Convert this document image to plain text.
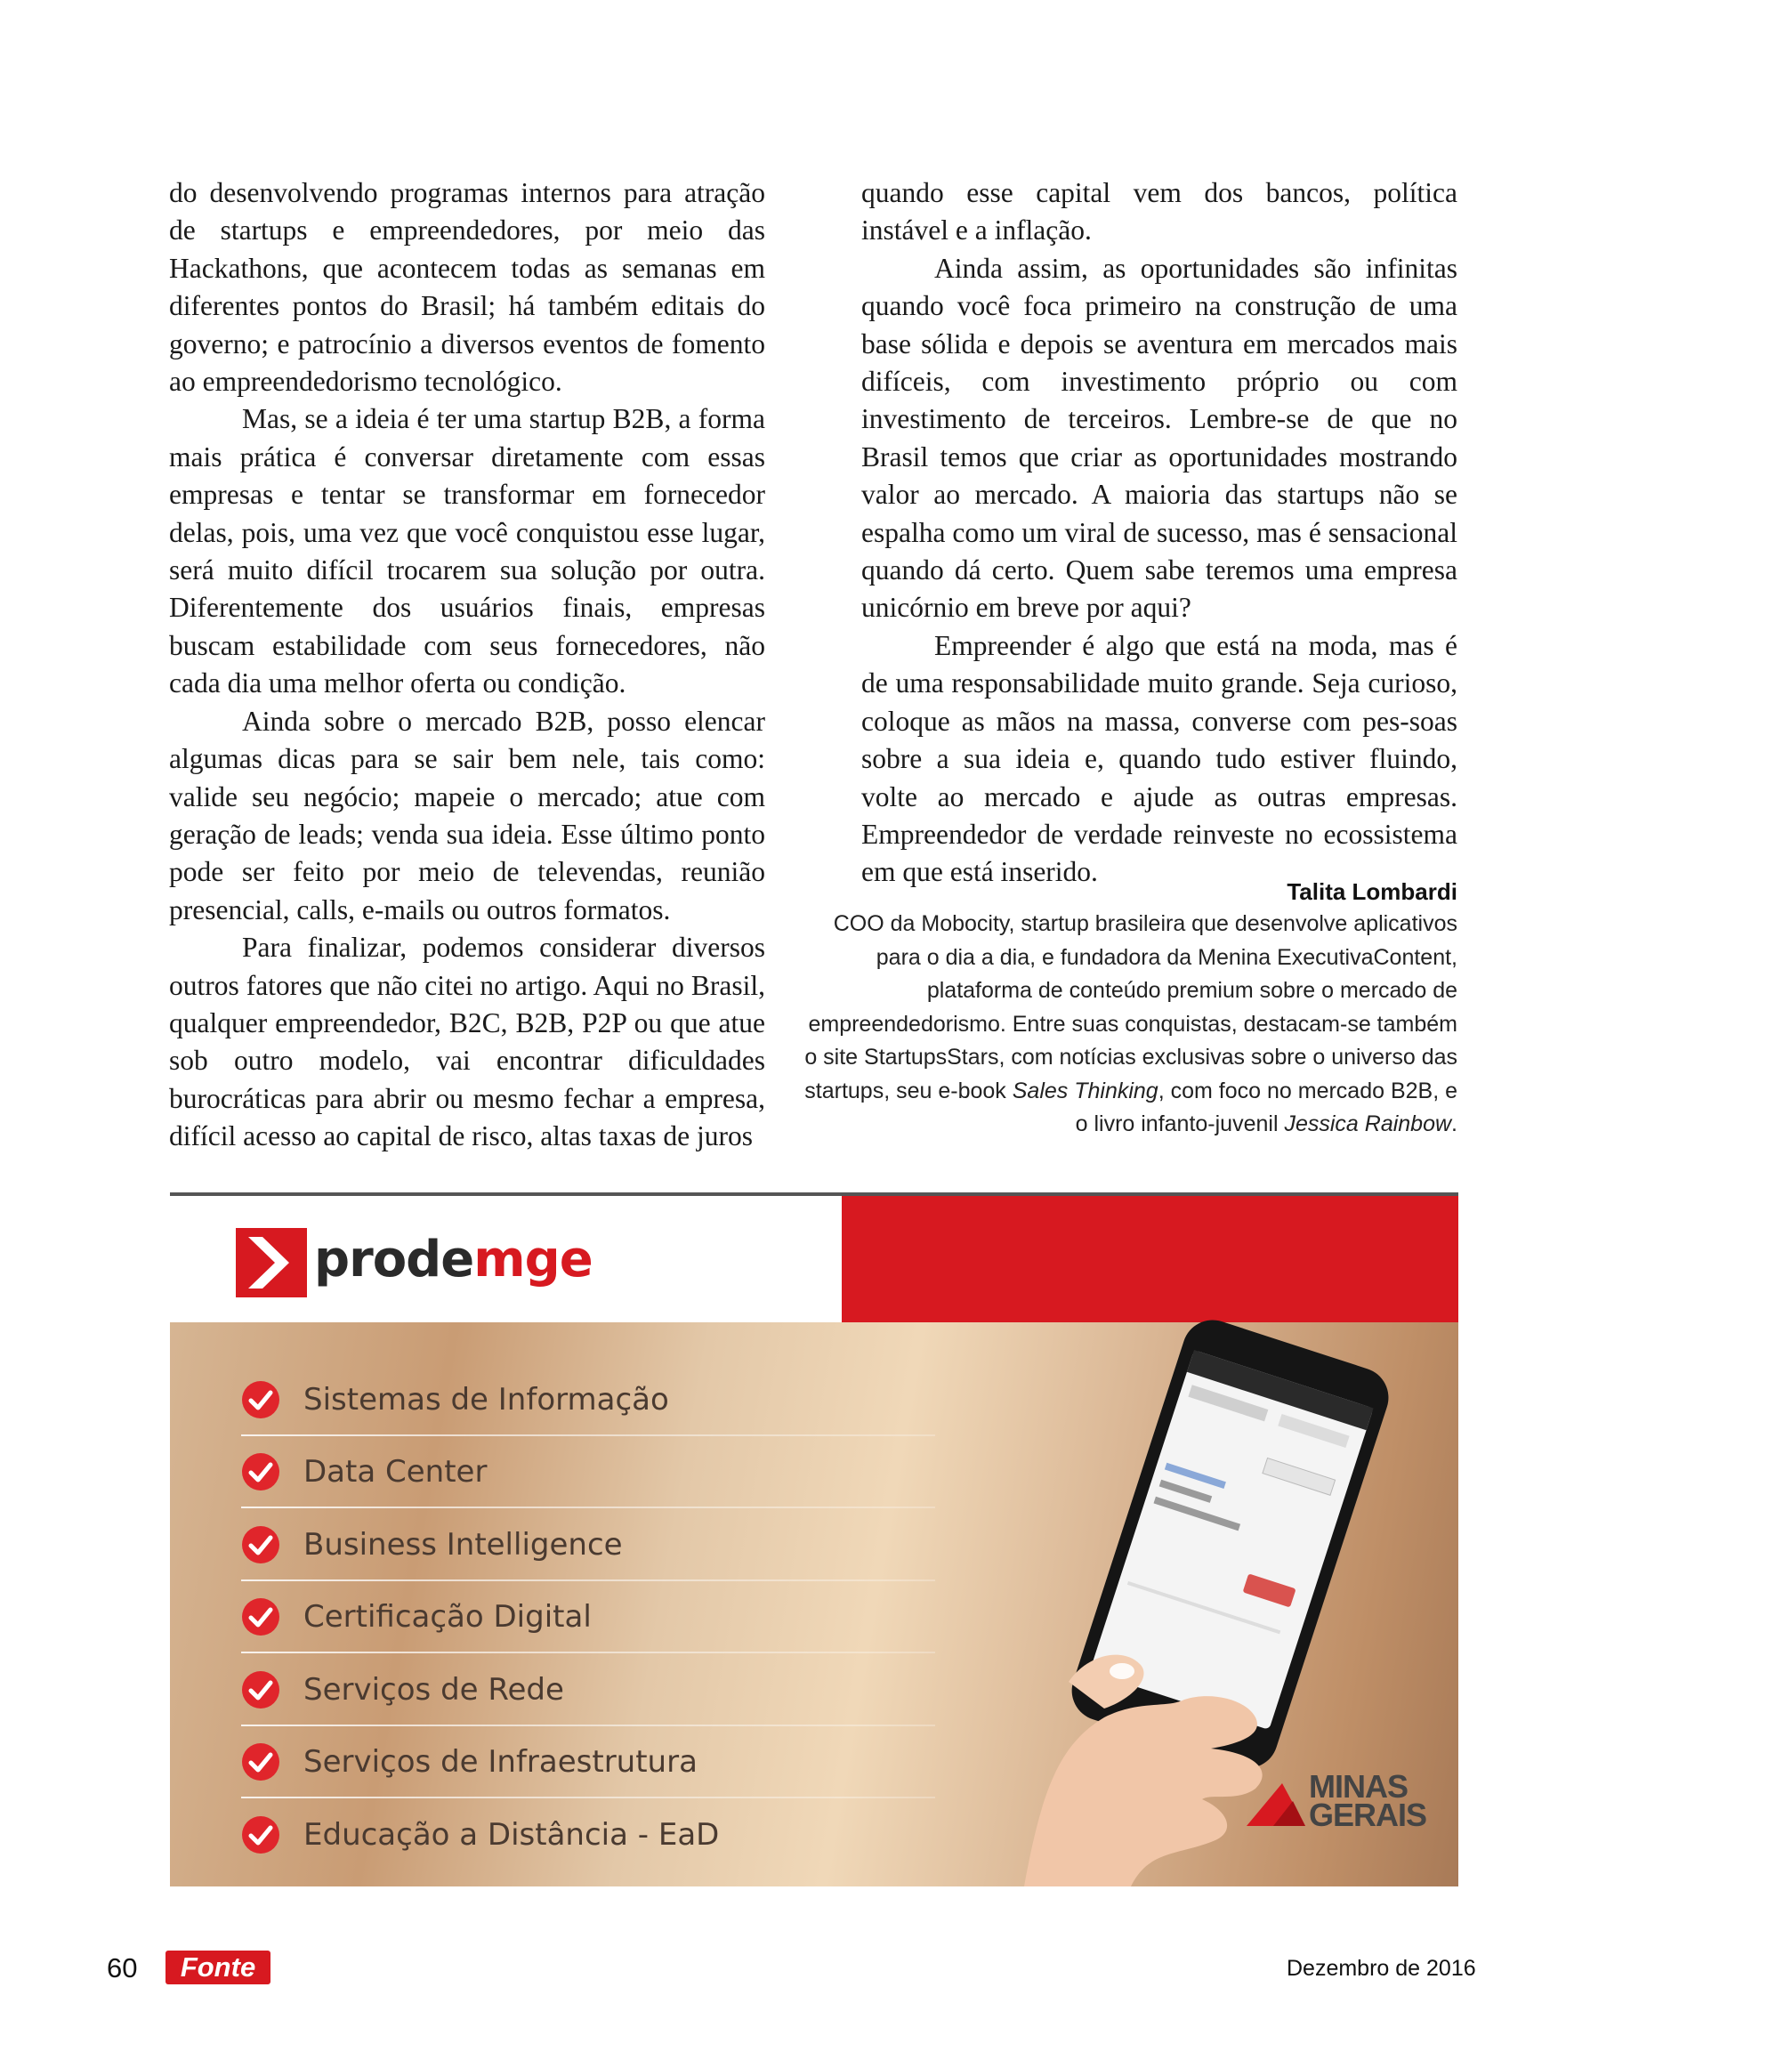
do desenvolvendo programas internos para atração de startups e empreendedores, por meio das Hackathons, que acontecem todas as semanas em diferentes pontos do Brasil; há também editais do governo; e patrocínio a diversos eventos de fomento ao empreendedorismo tecnológico.

Mas, se a ideia é ter uma startup B2B, a forma mais prática é conversar diretamente com essas empresas e tentar se transformar em fornecedor delas, pois, uma vez que você conquistou esse lugar, será muito difícil trocarem sua solução por outra. Diferentemente dos usuários finais, empresas buscam estabilidade com seus fornecedores, não cada dia uma melhor oferta ou condição.

Ainda sobre o mercado B2B, posso elencar algumas dicas para se sair bem nele, tais como: valide seu negócio; mapeie o mercado; atue com geração de leads; venda sua ideia. Esse último ponto pode ser feito por meio de televendas, reunião presencial, calls, e-mails ou outros formatos.

Para finalizar, podemos considerar diversos outros fatores que não citei no artigo. Aqui no Brasil, qualquer empreendedor, B2C, B2B, P2P ou que atue sob outro modelo, vai encontrar dificuldades burocráticas para abrir ou mesmo fechar a empresa, difícil acesso ao capital de risco, altas taxas de juros

quando esse capital vem dos bancos, política instável e a inflação.

Ainda assim, as oportunidades são infinitas quando você foca primeiro na construção de uma base sólida e depois se aventura em mercados mais difíceis, com investimento próprio ou com investimento de terceiros. Lembre-se de que no Brasil temos que criar as oportunidades mostrando valor ao mercado. A maioria das startups não se espalha como um viral de sucesso, mas é sensacional quando dá certo. Quem sabe teremos uma empresa unicórnio em breve por aqui?

Empreender é algo que está na moda, mas é de uma responsabilidade muito grande. Seja curioso, coloque as mãos na massa, converse com pes-soas sobre a sua ideia e, quando tudo estiver fluindo, volte ao mercado e ajude as outras empresas. Empreendedor de verdade reinveste no ecossistema em que está inserido.

Talita Lombardi

COO da Mobocity, startup brasileira que desenvolve aplicativos para o dia a dia, e fundadora da Menina ExecutivaContent, plataforma de conteúdo premium sobre o mercado de empreendedorismo. Entre suas conquistas, destacam-se também o site StartupsStars, com notícias exclusivas sobre o universo das startups, seu e-book Sales Thinking, com foco no mercado B2B, e o livro infanto-juvenil Jessica Rainbow.

prodemge	TECNOLOGIA A SERVIÇO
DA CIDADANIA
Sistemas de Informação
Data Center
Business Intelligence
Certificação Digital
Serviços de Rede
Serviços de Infraestrutura
Educação a Distância - EaD
MINAS
GERAIS
60	Fonte	Dezembro de 2016
